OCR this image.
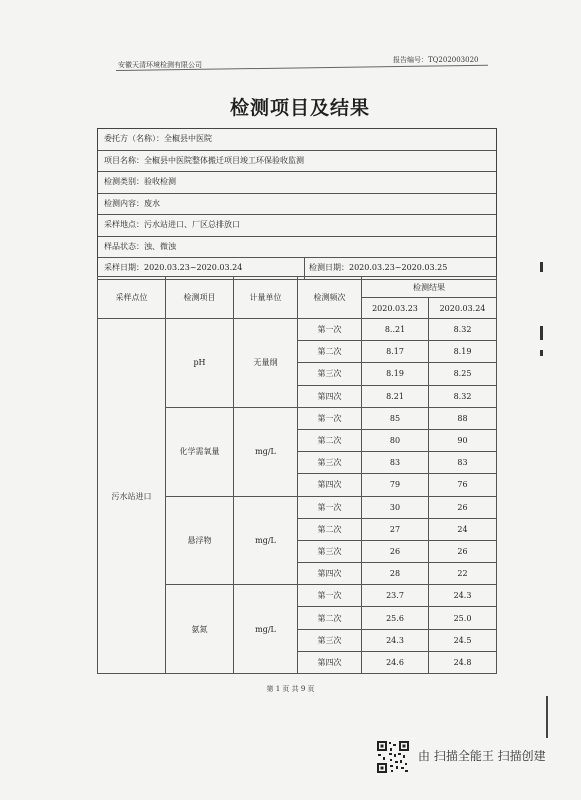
安徽天清环境检测有限公司
报告编号：TQ202003020
检测项目及结果
委托方（名称）：全椒县中医院
项目名称：全椒县中医院整体搬迁项目竣工环保验收监测
检测类别：验收检测
检测内容：废水
采样地点：污水站进口、厂区总排放口
样品状态：浊、微浊
采样日期：2020.03.23~2020.03.24	检测日期：2020.03.23~2020.03.25
采样点位	检测项目	计量单位	检测频次	检测结果	
				2020.03.23	2020.03.24
污水站进口	pH	无量纲	第一次	8..21	8.32
			第二次	8.17	8.19
			第三次	8.19	8.25
			第四次	8.21	8.32
	化学需氧量	mg/L	第一次	85	88
			第二次	80	90
			第三次	83	83
			第四次	79	76
	悬浮物	mg/L	第一次	30	26
			第二次	27	24
			第三次	26	26
			第四次	28	22
	氨氮	mg/L	第一次	23.7	24.3
			第二次	25.6	25.0
			第三次	24.3	24.5
			第四次	24.6	24.8
第 1 页 共 9 页
由 扫描全能王 扫描创建
